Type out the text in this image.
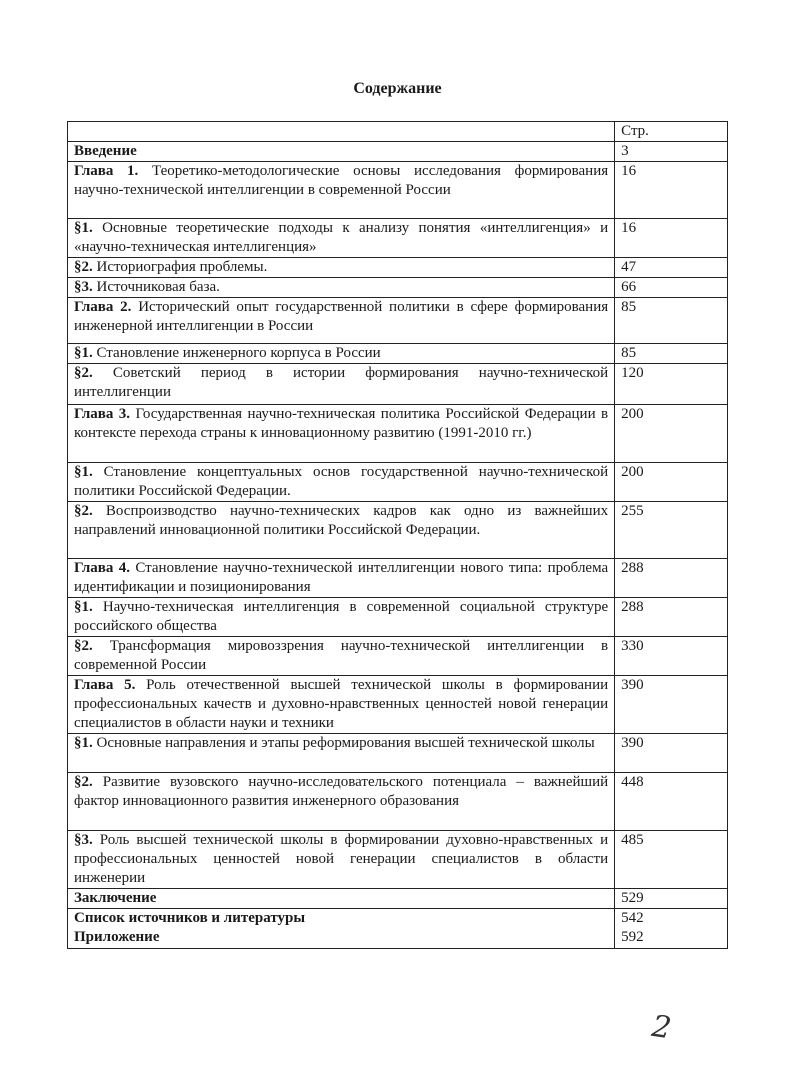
Содержание
	Стр.
Введение	3
Глава 1. Теоретико-методологические основы исследования формирования научно-технической интеллигенции в современной России	16
§1. Основные теоретические подходы к анализу понятия «интеллигенция» и «научно-техническая интеллигенция»	16
§2. Историография проблемы.	47
§3. Источниковая база.	66
Глава 2. Исторический опыт государственной политики в сфере формирования инженерной интеллигенции в России	85
§1. Становление инженерного корпуса в России	85
§2. Советский период в истории формирования научно-технической интеллигенции	120
Глава 3. Государственная научно-техническая политика Российской Федерации в контексте перехода страны к инновационному развитию (1991-2010 гг.)	200
§1. Становление концептуальных основ государственной научно-технической политики Российской Федерации.	200
§2. Воспроизводство научно-технических кадров как одно из важнейших направлений инновационной политики Российской Федерации.	255
Глава 4. Становление научно-технической интеллигенции нового типа: проблема идентификации и позиционирования	288
§1. Научно-техническая интеллигенция в современной социальной структуре российского общества	288
§2. Трансформация мировоззрения научно-технической интеллигенции в современной России	330
Глава 5. Роль отечественной высшей технической школы в формировании профессиональных качеств и духовно-нравственных ценностей новой генерации специалистов в области науки и техники	390
§1. Основные направления и этапы реформирования высшей технической школы	390
§2. Развитие вузовского научно-исследовательского потенциала – важнейший фактор инновационного развития инженерного образования	448
§3. Роль высшей технической школы в формировании духовно-нравственных и профессиональных ценностей новой генерации специалистов в области инженерии	485
Заключение	529
Список источников и литературы	542
Приложение	592
2
